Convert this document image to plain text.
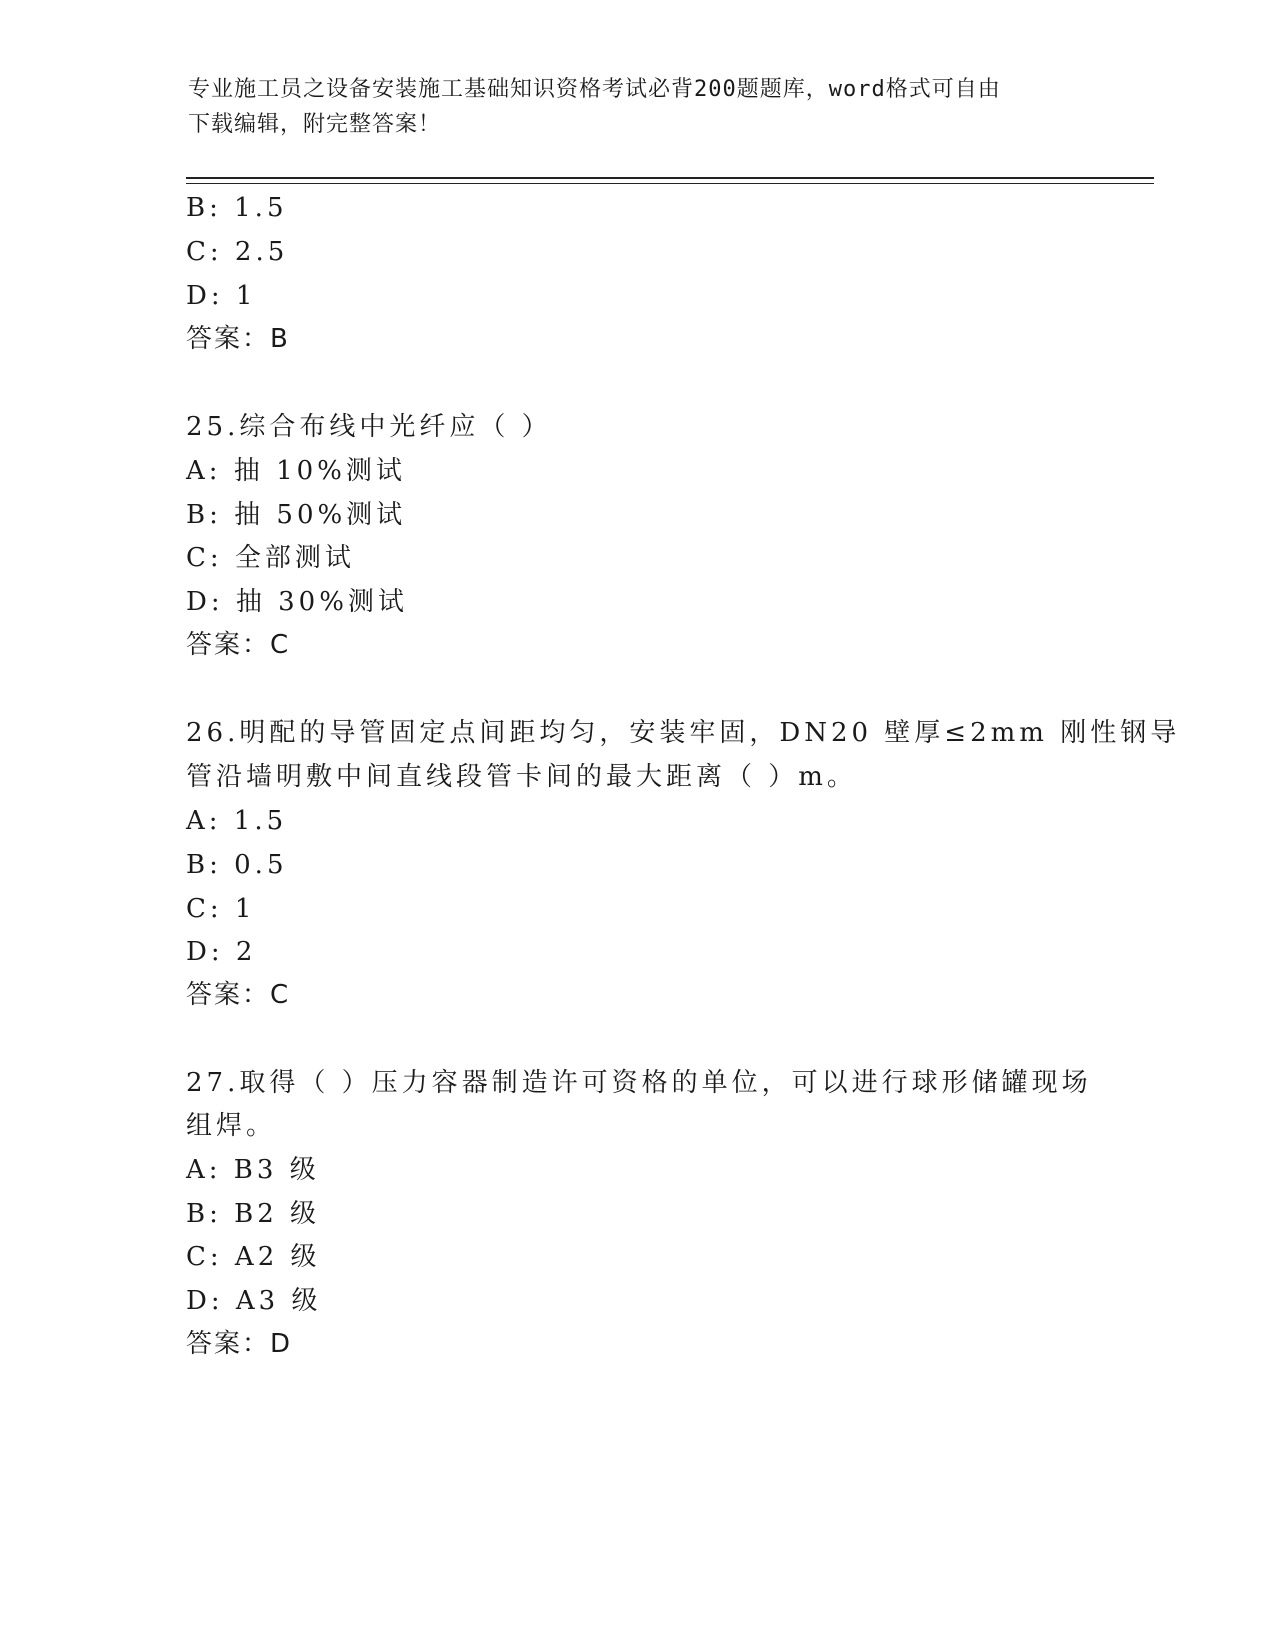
专业施工员之设备安装施工基础知识资格考试必背200题题库，word格式可自由
下载编辑，附完整答案！
B: 1.5
C: 2.5
D: 1
答案：B
25.综合布线中光纤应（ ）
A: 抽 10%测试
B: 抽 50%测试
C: 全部测试
D: 抽 30%测试
答案：C
26.明配的导管固定点间距均匀，安装牢固，DN20 壁厚≤2mm 刚性钢导
管沿墙明敷中间直线段管卡间的最大距离（ ）m。
A: 1.5
B: 0.5
C: 1
D: 2
答案：C
27.取得（ ）压力容器制造许可资格的单位，可以进行球形储罐现场
组焊。
A: B3 级
B: B2 级
C: A2 级
D: A3 级
答案：D
